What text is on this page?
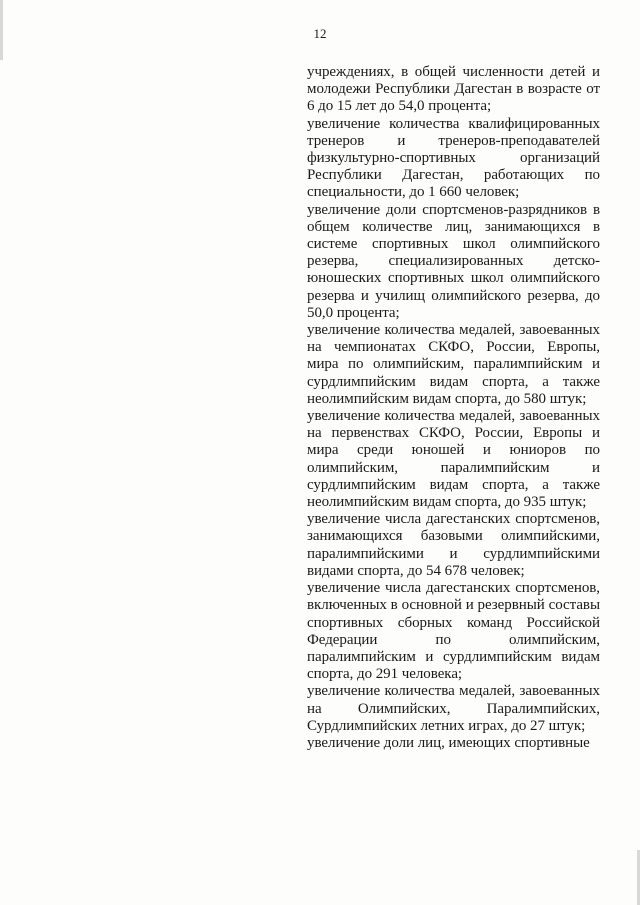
12

учреждениях, в общей численности детей и молодежи Республики Дагестан в возрасте от 6 до 15 лет до 54,0 процента;

увеличение количества квалифицированных тренеров и тренеров-преподавателей физкультурно-спортивных организаций Республики Дагестан, работающих по специальности, до 1 660 человек;

увеличение доли спортсменов-разрядников в общем количестве лиц, занимающихся в системе спортивных школ олимпийского резерва, специализированных детско-юношеских спортивных школ олимпийского резерва и училищ олимпийского резерва, до 50,0 процента;

увеличение количества медалей, завоеванных на чемпионатах СКФО, России, Европы, мира по олимпийским, паралимпийским и сурдлимпийским видам спорта, а также неолимпийским видам спорта, до 580 штук;

увеличение количества медалей, завоеванных на первенствах СКФО, России, Европы и мира среди юношей и юниоров по олимпийским, паралимпийским и сурдлимпийским видам спорта, а также неолимпийским видам спорта, до 935 штук;

увеличение числа дагестанских спортсменов, занимающихся базовыми олимпийскими, паралимпийскими и сурдлимпийскими видами спорта, до 54 678 человек;

увеличение числа дагестанских спортсменов, включенных в основной и резервный составы спортивных сборных команд Российской Федерации по олимпийским, паралимпийским и сурдлимпийским видам спорта, до 291 человека;

увеличение количества медалей, завоеванных на Олимпийских, Паралимпийских, Сурдлимпийских летних играх, до 27 штук;

увеличение доли лиц, имеющих спортивные
